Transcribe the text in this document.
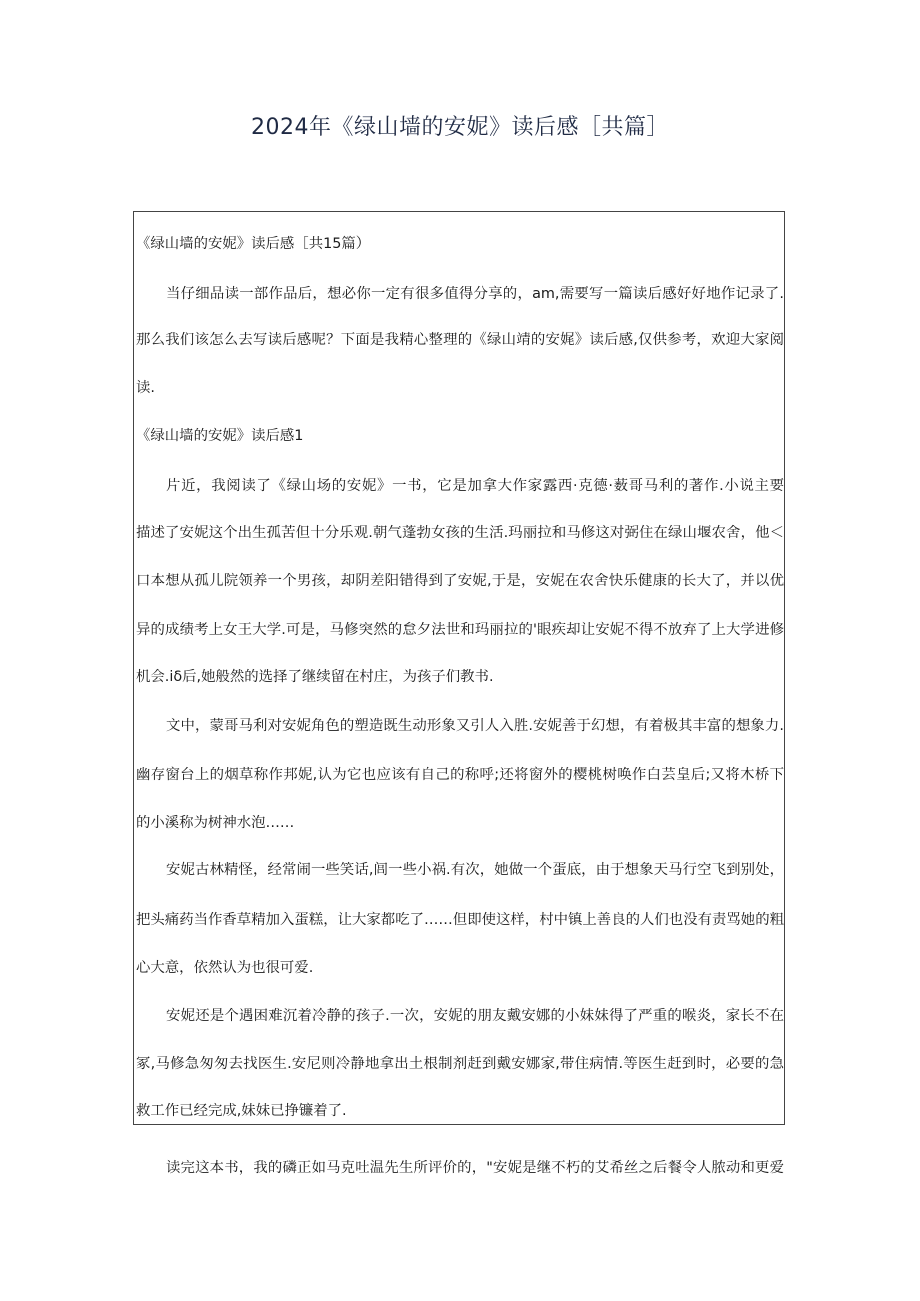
2024年《绿山墙的安妮》读后感［共篇］
《绿山墙的安妮》读后感［共15篇）
当仔细品读一部作品后，想必你一定有很多值得分享的，am,需要写一篇读后感好好地作记录了.
那么我们该怎么去写读后感呢？下面是我精心整理的《绿山靖的安娓》读后感,仅供参考，欢迎大家阅
读.
《绿山墙的安妮》读后感1
片近，我阅读了《绿山场的安妮》一书，它是加拿大作家露西·克德·薮哥马利的著作.小说主要
描述了安妮这个出生孤苦但十分乐观.朝气蓬勃女孩的生活.玛丽拉和马修这对弼住在绿山堰农舍，他＜
口本想从孤儿院领养一个男孩，却阴差阳错得到了安妮,于是，安妮在农舍快乐健康的长大了，并以优
异的成绩考上女王大学.可是，马修突然的怠夕法世和玛丽拉的'眼疾却让安妮不得不放弃了上大学进修
机会.iδ后,她般然的选择了继续留在村庄，为孩子们教书.
文中，蒙哥马利对安妮角色的塑造既生动形象又引人入胜.安妮善于幻想，有着极其丰富的想象力.
幽存窗台上的烟草称作邦妮,认为它也应该有自己的称呼;还将窗外的樱桃树唤作白芸皇后;又将木桥下
的小溪称为树神水泡……
安妮古林精怪，经常闹一些笑话,闾一些小祸.有次，她做一个蛋底，由于想象天马行空飞到别处，
把头痛药当作香草精加入蛋糕，让大家都吃了……但即使这样，村中镇上善良的人们也没有责骂她的粗
心大意，依然认为也很可爱.
安妮还是个遇困难沉着冷静的孩子.一次，安妮的朋友戴安娜的小妹妹得了严重的喉炎，家长不在
冢,马修急匆匆去找医生.安尼则冷静地拿出土根制剂赶到戴安娜家,带住病情.等医生赶到时，必要的急
救工作已经完成,妹妹已挣镰着了.
读完这本书，我的磷正如马克吐温先生所评价的，"安妮是继不朽的艾希丝之后餐令人脓动和更爱
